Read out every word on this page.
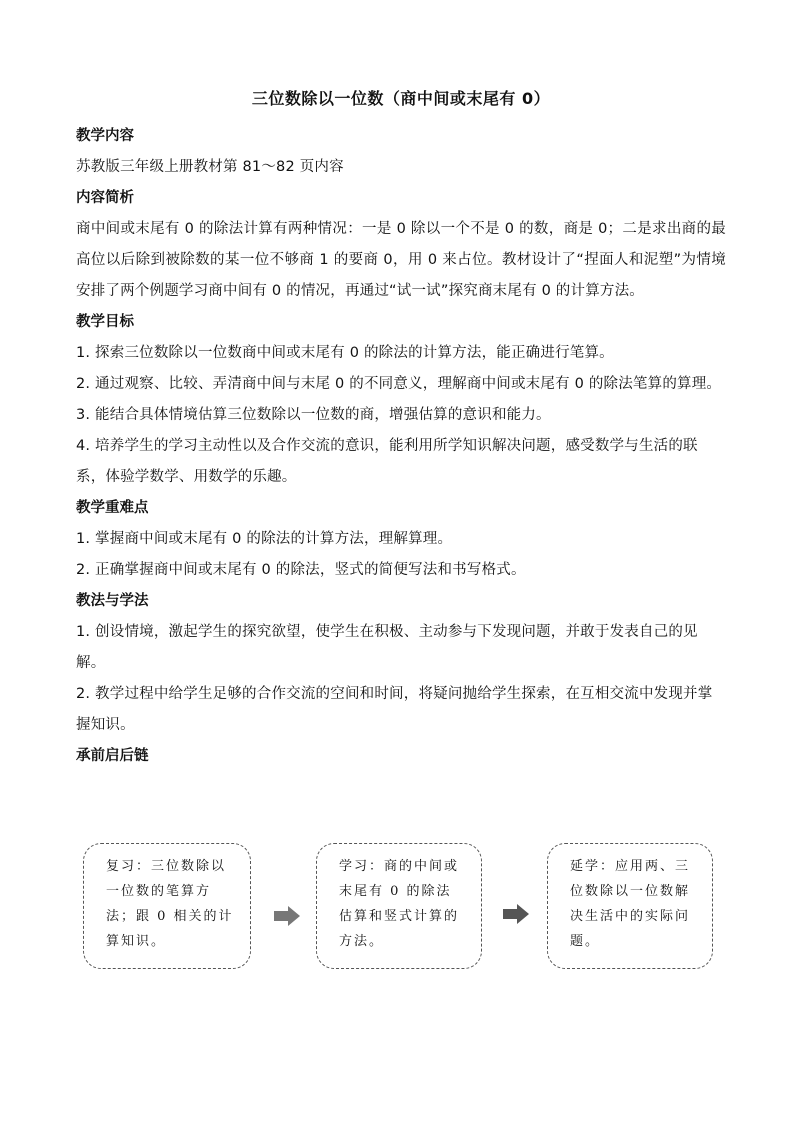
三位数除以一位数（商中间或末尾有 0）

教学内容

苏教版三年级上册教材第 81～82 页内容

内容简析

商中间或末尾有 0 的除法计算有两种情况：一是 0 除以一个不是 0 的数，商是 0；二是求出商的最高位以后除到被除数的某一位不够商 1 的要商 0，用 0 来占位。教材设计了“捏面人和泥塑”为情境安排了两个例题学习商中间有 0 的情况，再通过“试一试”探究商末尾有 0 的计算方法。

教学目标

1. 探索三位数除以一位数商中间或末尾有 0 的除法的计算方法，能正确进行笔算。

2. 通过观察、比较、弄清商中间与末尾 0 的不同意义，理解商中间或末尾有 0 的除法笔算的算理。

3. 能结合具体情境估算三位数除以一位数的商，增强估算的意识和能力。

4. 培养学生的学习主动性以及合作交流的意识，能利用所学知识解决问题，感受数学与生活的联系，体验学数学、用数学的乐趣。

教学重难点

1. 掌握商中间或末尾有 0 的除法的计算方法，理解算理。

2. 正确掌握商中间或末尾有 0 的除法，竖式的简便写法和书写格式。

教法与学法

1. 创设情境，激起学生的探究欲望，使学生在积极、主动参与下发现问题，并敢于发表自己的见解。

2. 教学过程中给学生足够的合作交流的空间和时间，将疑问抛给学生探索，在互相交流中发现并掌握知识。

承前启后链

复习：三位数除以一位数的笔算方法；跟 0 相关的计算知识。
学习：商的中间或末尾有 0 的除法估算和竖式计算的方法。
延学：应用两、三位数除以一位数解决生活中的实际问题。
